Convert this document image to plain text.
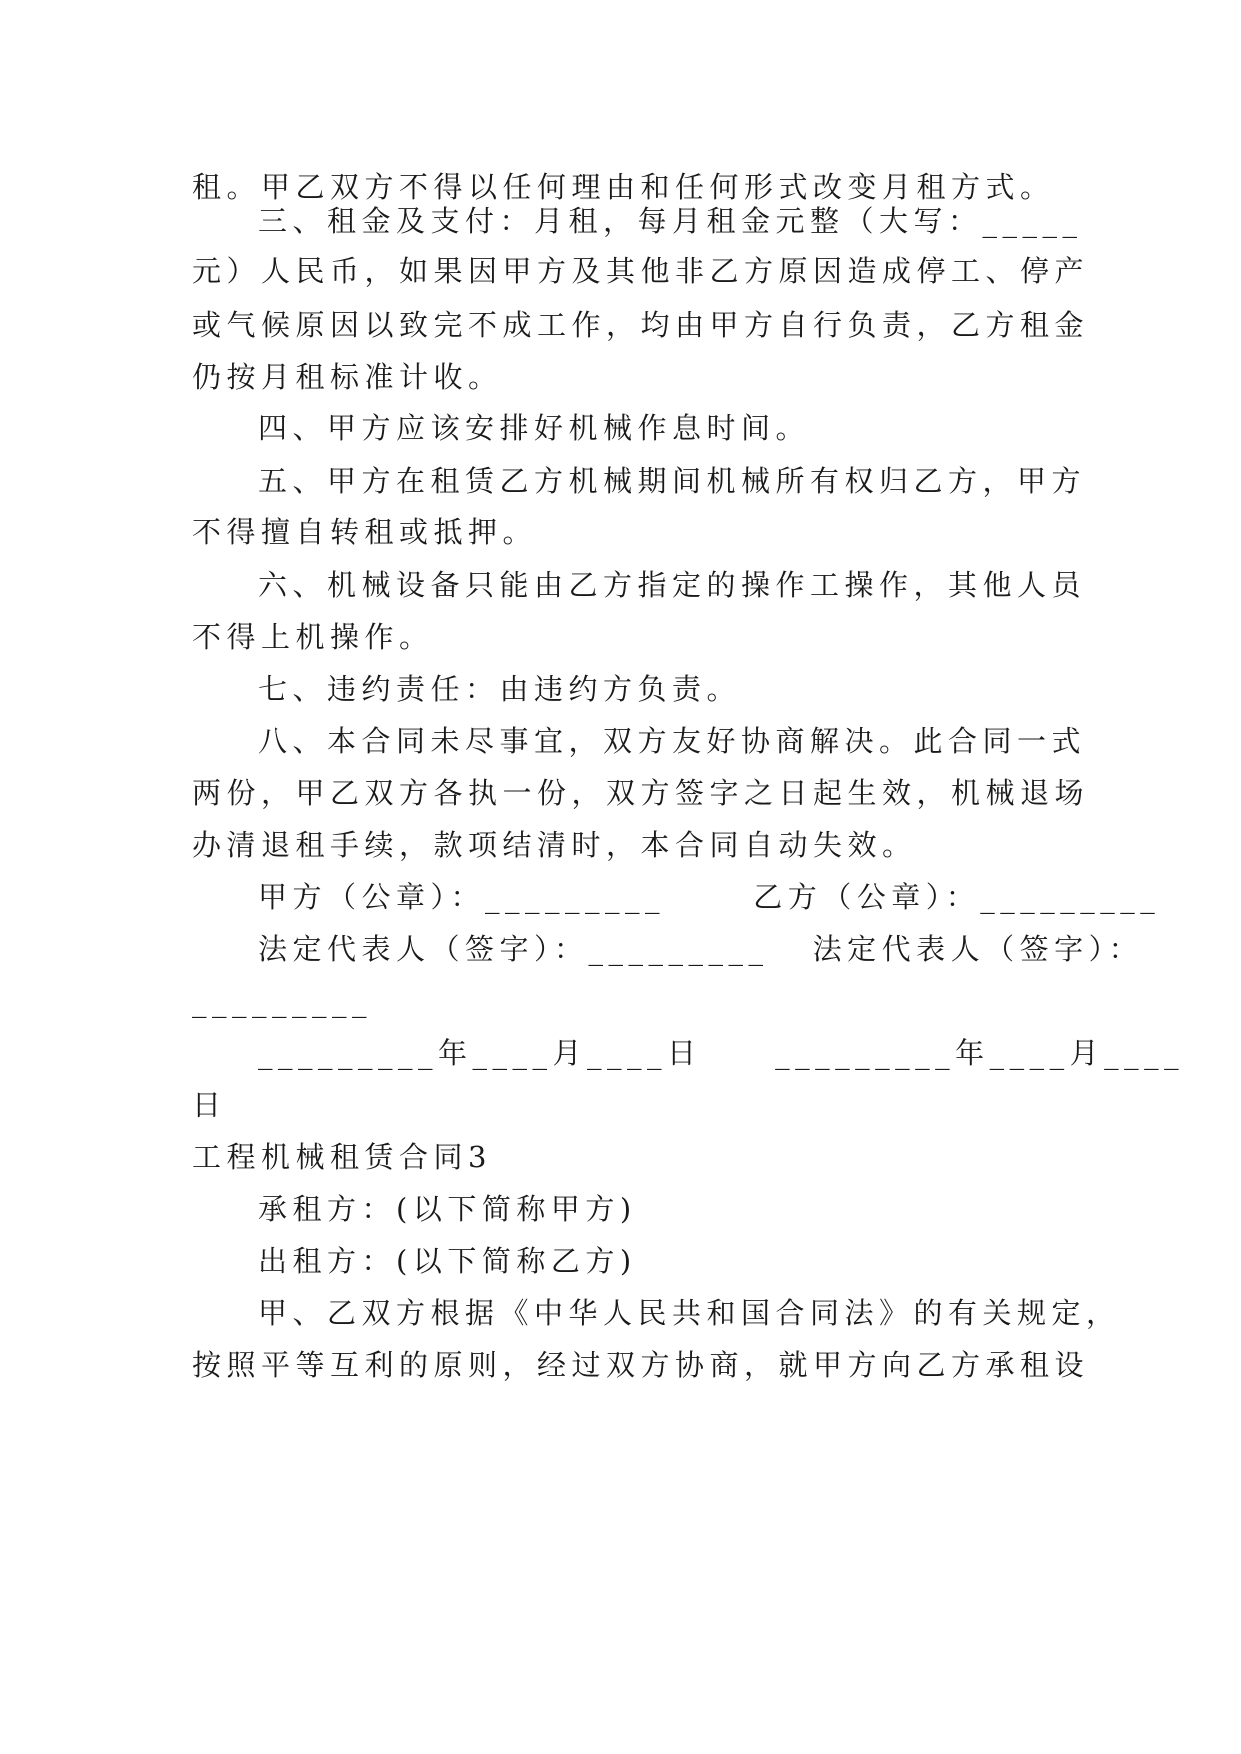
租。甲乙双方不得以任何理由和任何形式改变月租方式。
三、租金及支付：月租，每月租金元整（大写：_____
元）人民币，如果因甲方及其他非乙方原因造成停工、停产
或气候原因以致完不成工作，均由甲方自行负责，乙方租金
仍按月租标准计收。
四、甲方应该安排好机械作息时间。
五、甲方在租赁乙方机械期间机械所有权归乙方，甲方
不得擅自转租或抵押。
六、机械设备只能由乙方指定的操作工操作，其他人员
不得上机操作。
七、违约责任：由违约方负责。
八、本合同未尽事宜，双方友好协商解决。此合同一式
两份，甲乙双方各执一份，双方签字之日起生效，机械退场
办清退租手续，款项结清时，本合同自动失效。
甲方（公章）：_________      乙方（公章）：_________
法定代表人（签字）：_________   法定代表人（签字）：
_________
_________年____月____日     _________年____月____
日
工程机械租赁合同3
承租方：(以下简称甲方)
出租方：(以下简称乙方)
甲、乙双方根据《中华人民共和国合同法》的有关规定，
按照平等互利的原则，经过双方协商，就甲方向乙方承租设
